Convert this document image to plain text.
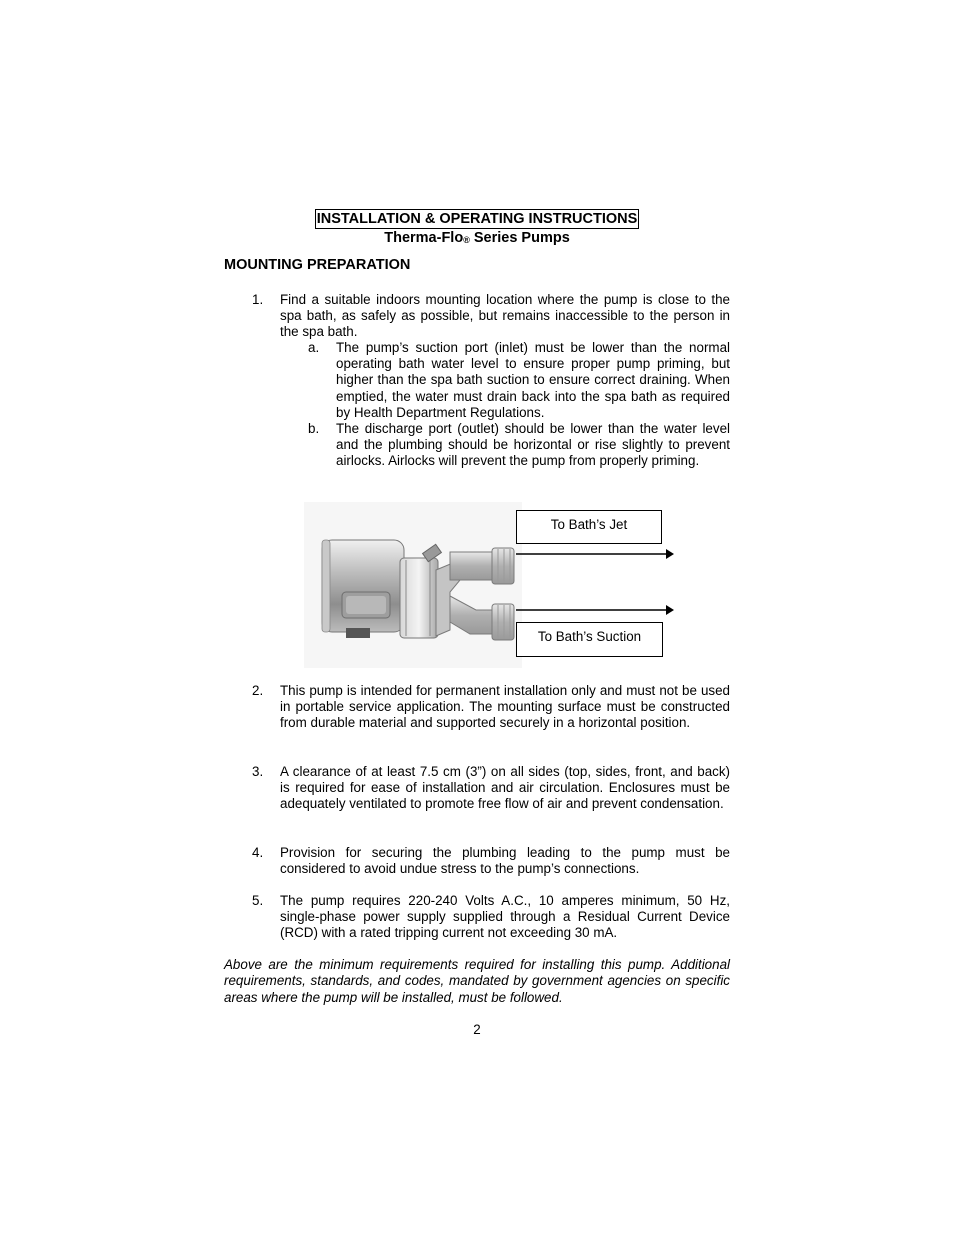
INSTALLATION & OPERATING INSTRUCTIONS
Therma-Flo$_®$ Series Pumps
MOUNTING PREPARATION
1. Find a suitable indoors mounting location where the pump is close to the spa bath, as safely as possible, but remains inaccessible to the person in the spa bath.
a. The pump’s suction port (inlet) must be lower than the normal operating bath water level to ensure proper pump priming, but higher than the spa bath suction to ensure correct draining. When emptied, the water must drain back into the spa bath as required by Health Department Regulations.
b. The discharge port (outlet) should be lower than the water level and the plumbing should be horizontal or rise slightly to prevent airlocks. Airlocks will prevent the pump from properly priming.
To Bath’s Jet
To Bath’s Suction
2. This pump is intended for permanent installation only and must not be used in portable service application. The mounting surface must be constructed from durable material and supported securely in a horizontal position.
3. A clearance of at least 7.5 cm (3”) on all sides (top, sides, front, and back) is required for ease of installation and air circulation. Enclosures must be adequately ventilated to promote free flow of air and prevent condensation.
4. Provision for securing the plumbing leading to the pump must be considered to avoid undue stress to the pump’s connections.
5. The pump requires 220-240 Volts A.C., 10 amperes minimum, 50 Hz, single-phase power supply supplied through a Residual Current Device (RCD) with a rated tripping current not exceeding 30 mA.
Above are the minimum requirements required for installing this pump. Additional requirements, standards, and codes, mandated by government agencies on specific areas where the pump will be installed, must be followed.
2
